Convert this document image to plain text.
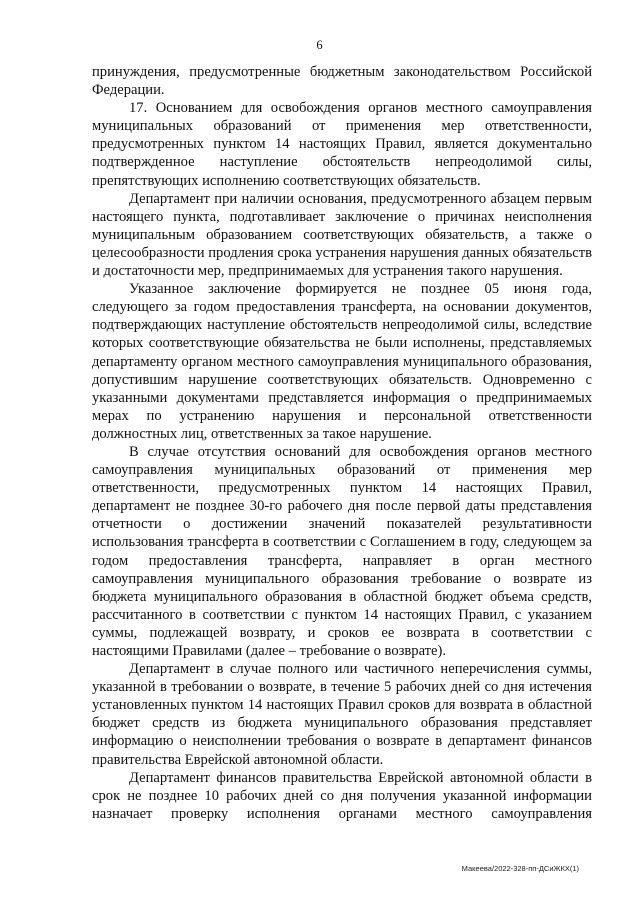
6

принуждения, предусмотренные бюджетным законодательством Российской Федерации.

17. Основанием для освобождения органов местного самоуправления муниципальных образований от применения мер ответственности, предусмотренных пунктом 14 настоящих Правил, является документально подтвержденное наступление обстоятельств непреодолимой силы, препятствующих исполнению соответствующих обязательств.

Департамент при наличии основания, предусмотренного абзацем первым настоящего пункта, подготавливает заключение о причинах неисполнения муниципальным образованием соответствующих обязательств, а также о целесообразности продления срока устранения нарушения данных обязательств и достаточности мер, предпринимаемых для устранения такого нарушения.

Указанное заключение формируется не позднее 05 июня года, следующего за годом предоставления трансферта, на основании документов, подтверждающих наступление обстоятельств непреодолимой силы, вследствие которых соответствующие обязательства не были исполнены, представляемых департаменту органом местного самоуправления муниципального образования, допустившим нарушение соответствующих обязательств. Одновременно с указанными документами представляется информация о предпринимаемых мерах по устранению нарушения и персональной ответственности должностных лиц, ответственных за такое нарушение.

В случае отсутствия оснований для освобождения органов местного самоуправления муниципальных образований от применения мер ответственности, предусмотренных пунктом 14 настоящих Правил, департамент не позднее 30-го рабочего дня после первой даты представления отчетности о достижении значений показателей результативности использования трансферта в соответствии с Соглашением в году, следующем за годом предоставления трансферта, направляет в орган местного самоуправления муниципального образования требование о возврате из бюджета муниципального образования в областной бюджет объема средств, рассчитанного в соответствии с пунктом 14 настоящих Правил, с указанием суммы, подлежащей возврату, и сроков ее возврата в соответствии с настоящими Правилами (далее – требование о возврате).

Департамент в случае полного или частичного неперечисления суммы, указанной в требовании о возврате, в течение 5 рабочих дней со дня истечения установленных пунктом 14 настоящих Правил сроков для возврата в областной бюджет средств из бюджета муниципального образования представляет информацию о неисполнении требования о возврате в департамент финансов правительства Еврейской автономной области.

Департамент финансов правительства Еврейской автономной области в срок не позднее 10 рабочих дней со дня получения указанной информации назначает проверку исполнения органами местного самоуправления

Макеева/2022-328-пп-ДСиЖКХ(1)
